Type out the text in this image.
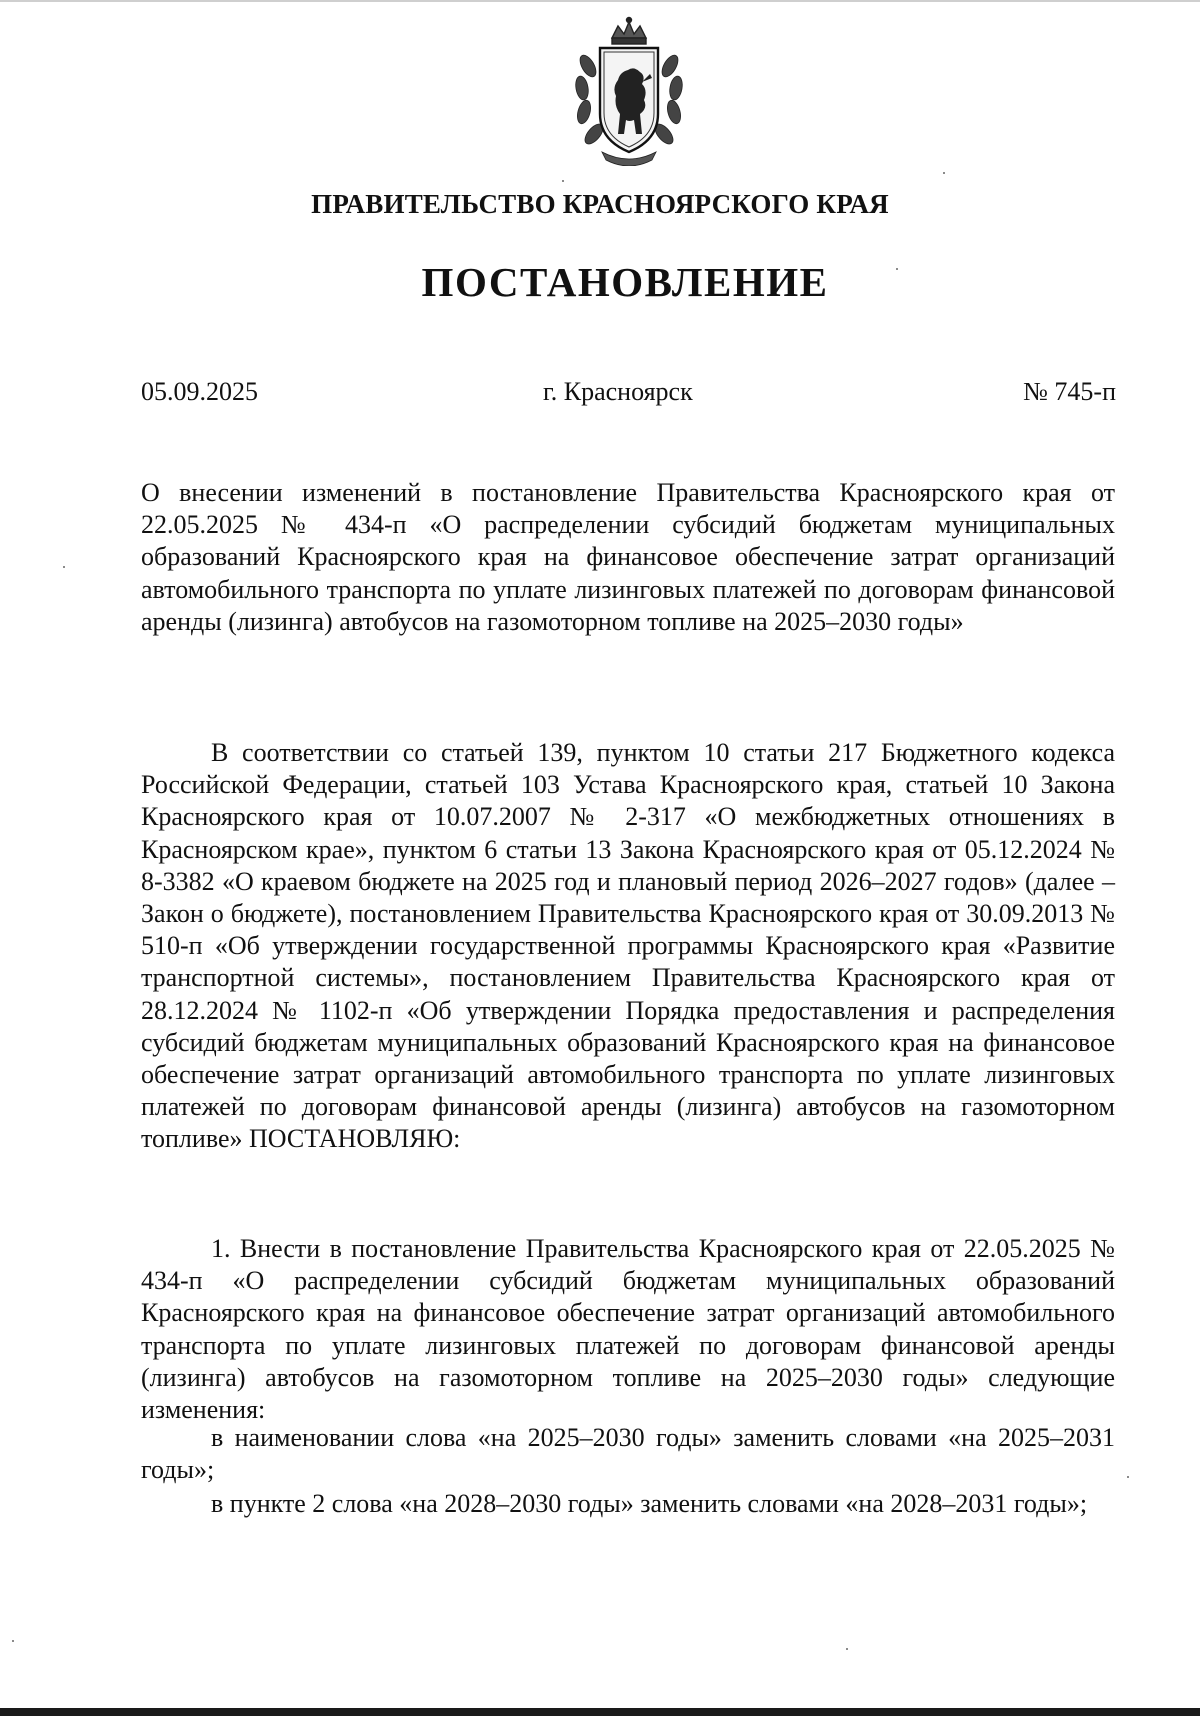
ПРАВИТЕЛЬСТВО КРАСНОЯРСКОГО КРАЯ
ПОСТАНОВЛЕНИЕ
05.09.2025	г. Красноярск	№ 745-п

О внесении изменений в постановление Правительства Красноярского края от 22.05.2025 № 434-п «О распределении субсидий бюджетам муниципальных образований Красноярского края на финансовое обеспечение затрат организаций автомобильного транспорта по уплате лизинговых платежей по договорам финансовой аренды (лизинга) автобусов на газомоторном топливе на 2025–2030 годы»

В соответствии со статьей 139, пунктом 10 статьи 217 Бюджетного кодекса Российской Федерации, статьей 103 Устава Красноярского края, статьей 10 Закона Красноярского края от 10.07.2007 № 2-317 «О межбюджетных отношениях в Красноярском крае», пунктом 6 статьи 13 Закона Красноярского края от 05.12.2024 № 8-3382 «О краевом бюджете на 2025 год и плановый период 2026–2027 годов» (далее – Закон о бюджете), постановлением Правительства Красноярского края от 30.09.2013 № 510-п «Об утверждении государственной программы Красноярского края «Развитие транспортной системы», постановлением Правительства Красноярского края от 28.12.2024 № 1102-п «Об утверждении Порядка предоставления и распределения субсидий бюджетам муниципальных образований Красноярского края на финансовое обеспечение затрат организаций автомобильного транспорта по уплате лизинговых платежей по договорам финансовой аренды (лизинга) автобусов на газомоторном топливе» ПОСТАНОВЛЯЮ:

1. Внести в постановление Правительства Красноярского края от 22.05.2025 № 434-п «О распределении субсидий бюджетам муниципальных образований Красноярского края на финансовое обеспечение затрат организаций автомобильного транспорта по уплате лизинговых платежей по договорам финансовой аренды (лизинга) автобусов на газомоторном топливе на 2025–2030 годы» следующие изменения:

в наименовании слова «на 2025–2030 годы» заменить словами «на 2025–2031 годы»;

в пункте 2 слова «на 2028–2030 годы» заменить словами «на 2028–2031 годы»;
